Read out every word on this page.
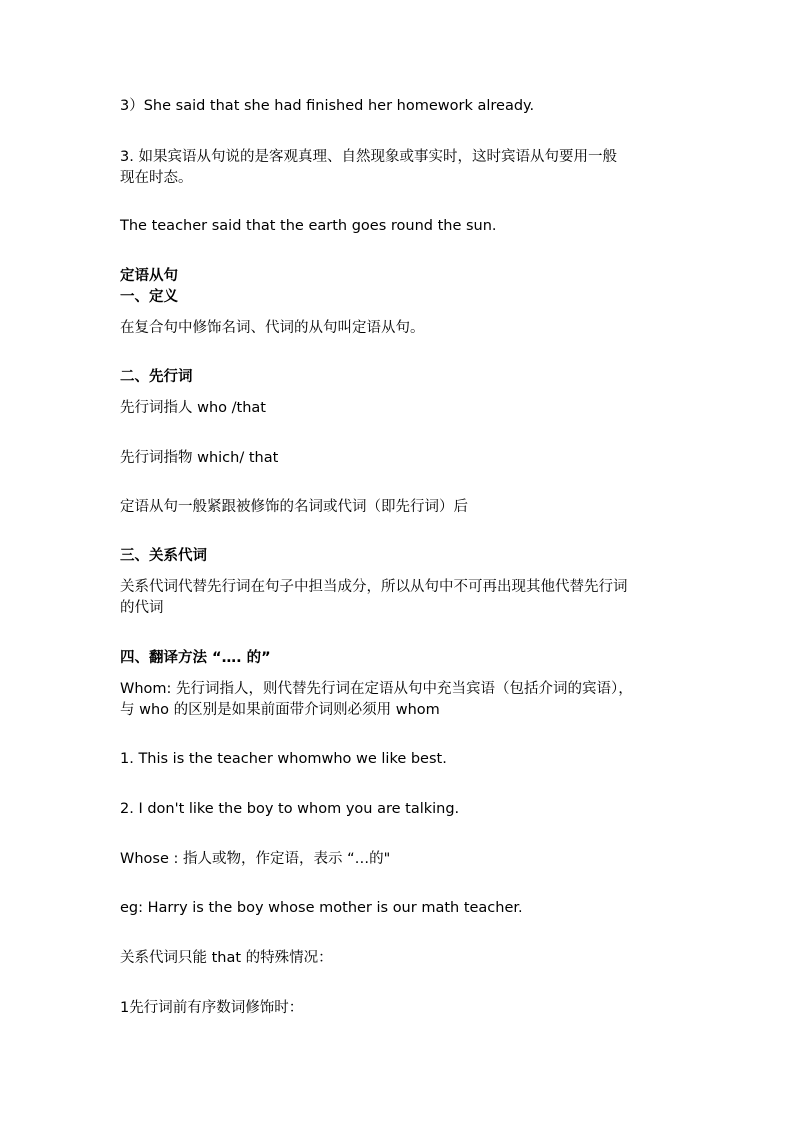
3）She said that she had finished her homework already.
3. 如果宾语从句说的是客观真理、自然现象或事实时，这时宾语从句要用一般
现在时态。
The teacher said that the earth goes round the sun.
定语从句
一、定义
在复合句中修饰名词、代词的从句叫定语从句。
二、先行词
先行词指人 who /that
先行词指物 which/ that
定语从句一般紧跟被修饰的名词或代词（即先行词）后
三、关系代词
关系代词代替先行词在句子中担当成分，所以从句中不可再出现其他代替先行词
的代词
四、翻译方法 “…. 的”
Whom: 先行词指人，则代替先行词在定语从句中充当宾语（包括介词的宾语），
与 who 的区别是如果前面带介词则必须用 whom
1. This is the teacher whomwho we like best.
2. I don't like the boy to whom you are talking.
Whose : 指人或物，作定语，表示 “…的"
eg: Harry is the boy whose mother is our math teacher.
关系代词只能 that 的特殊情况：
1先行词前有序数词修饰时：
